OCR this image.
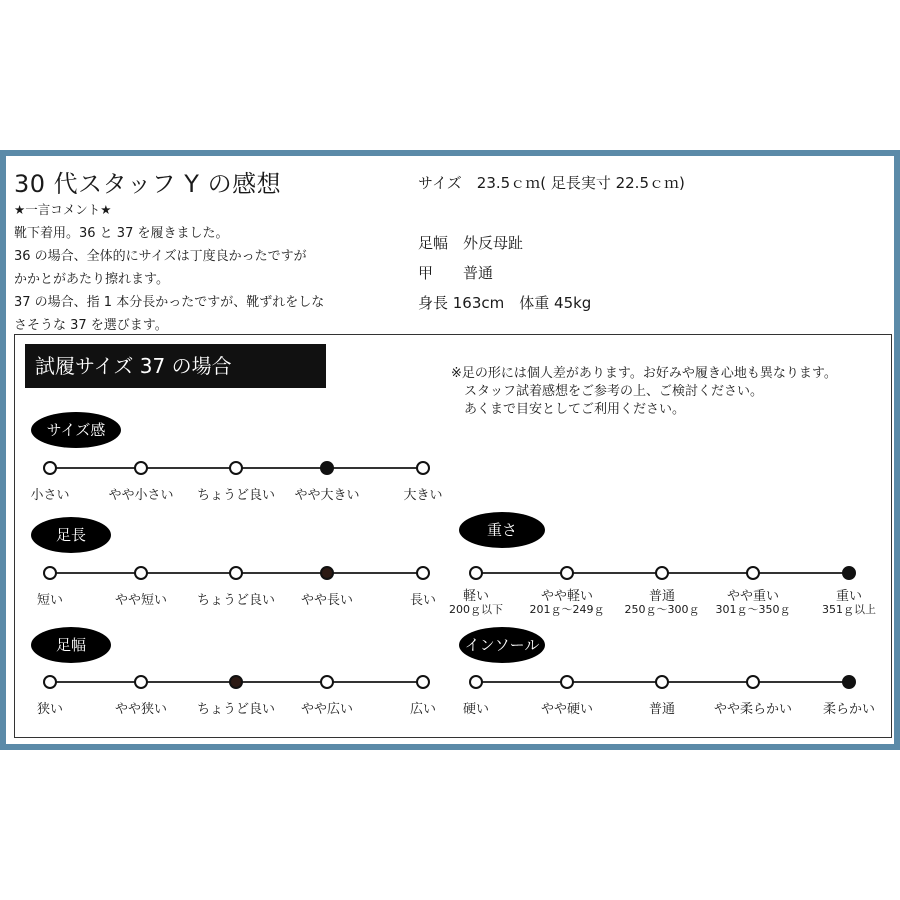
30 代スタッフ Y の感想
★一言コメント★
靴下着用。36 と 37 を履きました。
36 の場合、全体的にサイズは丁度良かったですが
かかとがあたり擦れます。
37 の場合、指 1 本分長かったですが、靴ずれをしな
さそうな 37 を選びます。
サイズ　23.5ｃｍ( 足長実寸 22.5ｃｍ)
足幅　外反母趾
甲　　普通
身長 163cm　体重 45kg
試履サイズ 37 の場合	※足の形には個人差があります。お好みや履き心地も異なります。
　スタッフ試着感想をご参考の上、ご検討ください。
　あくまで目安としてご利用ください。
サイズ感
小さい	やや小さい	ちょうど良い	やや大きい	大きい
足長
短い	やや短い	ちょうど良い	やや長い	長い
足幅
狭い	やや狭い	ちょうど良い	やや広い	広い
重さ
軽い
200ｇ以下
やや軽い
201ｇ～249ｇ
普通
250ｇ～300ｇ
やや重い
301ｇ～350ｇ
重い
351ｇ以上
インソール
硬い	やや硬い	普通	やや柔らかい	柔らかい
